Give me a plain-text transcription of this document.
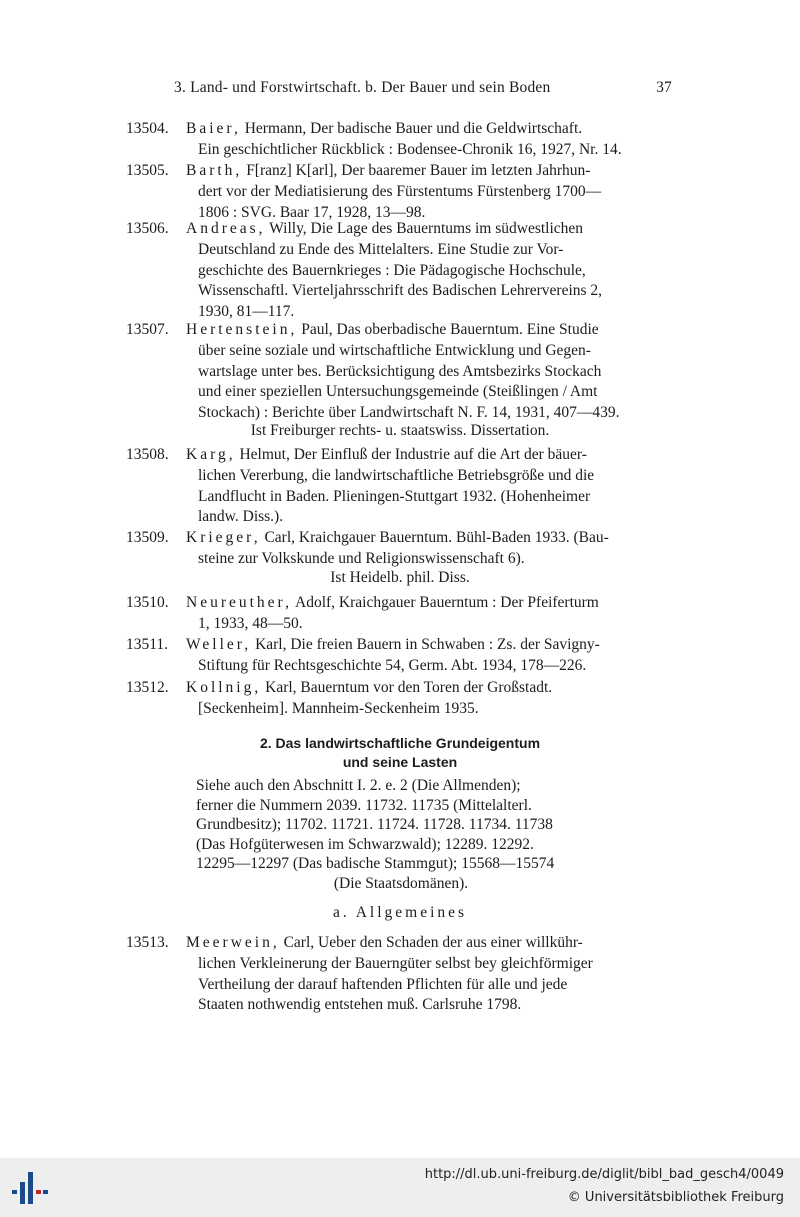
3. Land- und Forstwirtschaft. b. Der Bauer und sein Boden	37
13504.	Baier, Hermann, Der badische Bauer und die Geldwirtschaft.
Ein geschichtlicher Rückblick : Bodensee-Chronik 16, 1927, Nr. 14.
13505.	Barth, F[ranz] K[arl], Der baaremer Bauer im letzten Jahrhun-
dert vor der Mediatisierung des Fürstentums Fürstenberg 1700—
1806 : SVG. Baar 17, 1928, 13—98.
13506.	Andreas, Willy, Die Lage des Bauerntums im südwestlichen
Deutschland zu Ende des Mittelalters. Eine Studie zur Vor-
geschichte des Bauernkrieges : Die Pädagogische Hochschule,
Wissenschaftl. Vierteljahrsschrift des Badischen Lehrervereins 2,
1930, 81—117.
13507.	Hertenstein, Paul, Das oberbadische Bauerntum. Eine Studie
über seine soziale und wirtschaftliche Entwicklung und Gegen-
wartslage unter bes. Berücksichtigung des Amtsbezirks Stockach
und einer speziellen Untersuchungsgemeinde (Steißlingen / Amt
Stockach) : Berichte über Landwirtschaft N. F. 14, 1931, 407—439.
Ist Freiburger rechts- u. staatswiss. Dissertation.
13508.	Karg, Helmut, Der Einfluß der Industrie auf die Art der bäuer-
lichen Vererbung, die landwirtschaftliche Betriebsgröße und die
Landflucht in Baden. Plieningen-Stuttgart 1932. (Hohenheimer
landw. Diss.).
13509.	Krieger, Carl, Kraichgauer Bauerntum. Bühl-Baden 1933. (Bau-
steine zur Volkskunde und Religionswissenschaft 6).
Ist Heidelb. phil. Diss.
13510.	Neureuther, Adolf, Kraichgauer Bauerntum : Der Pfeiferturm
1, 1933, 48—50.
13511.	Weller, Karl, Die freien Bauern in Schwaben : Zs. der Savigny-
Stiftung für Rechtsgeschichte 54, Germ. Abt. 1934, 178—226.
13512.	Kollnig, Karl, Bauerntum vor den Toren der Großstadt.
[Seckenheim]. Mannheim-Seckenheim 1935.
2. Das landwirtschaftliche Grundeigentum
und seine Lasten
Siehe auch den Abschnitt I. 2. e. 2 (Die Allmenden);
ferner die Nummern 2039. 11732. 11735 (Mittelalterl.
Grundbesitz); 11702. 11721. 11724. 11728. 11734. 11738
(Das Hofgüterwesen im Schwarzwald); 12289. 12292.
12295—12297 (Das badische Stammgut); 15568—15574
(Die Staatsdomänen).
a. Allgemeines
13513.	Meerwein, Carl, Ueber den Schaden der aus einer willkühr-
lichen Verkleinerung der Bauerngüter selbst bey gleichförmiger
Vertheilung der darauf haftenden Pflichten für alle und jede
Staaten nothwendig entstehen muß. Carlsruhe 1798.
http://dl.ub.uni-freiburg.de/diglit/bibl_bad_gesch4/0049
© Universitätsbibliothek Freiburg
